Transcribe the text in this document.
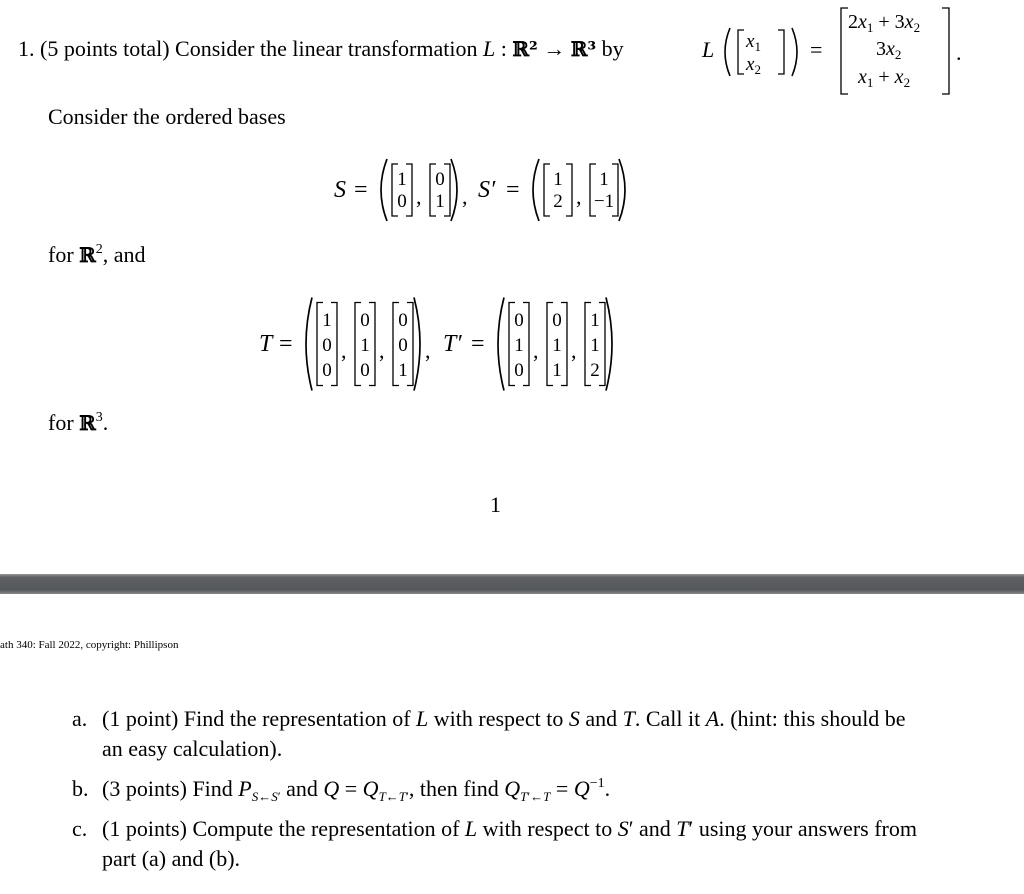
1. (5 points total) Consider the linear transformation L : ℝ² → ℝ³ by	L $x_1$
$x_2$
=
$2x_1 + 3x_2$
$3x_2$
$x_1 + x_2$
.
Consider the ordered bases
S = 1
0 ,
0
1 , S′ = 1
2 ,
1
−1
for ℝ$^2$, and
T =
1
0
0
,
0
1
0
,
0
0
1
, T′ =
0
1
0
,
0
1
1
,
1
1
2
for ℝ$^3$.
1
ath 340: Fall 2022, copyright: Phillipson
a. (1 point) Find the representation of L with respect to S and T. Call it A. (hint: this should be
an easy calculation).
b. (3 points) Find $P_{S\leftarrow S'}$ and $Q = Q_{T\leftarrow T'}$, then find $Q_{T'\leftarrow T} = Q^{-1}$.
c. (1 points) Compute the representation of L with respect to S′ and T′ using your answers from
part (a) and (b).
